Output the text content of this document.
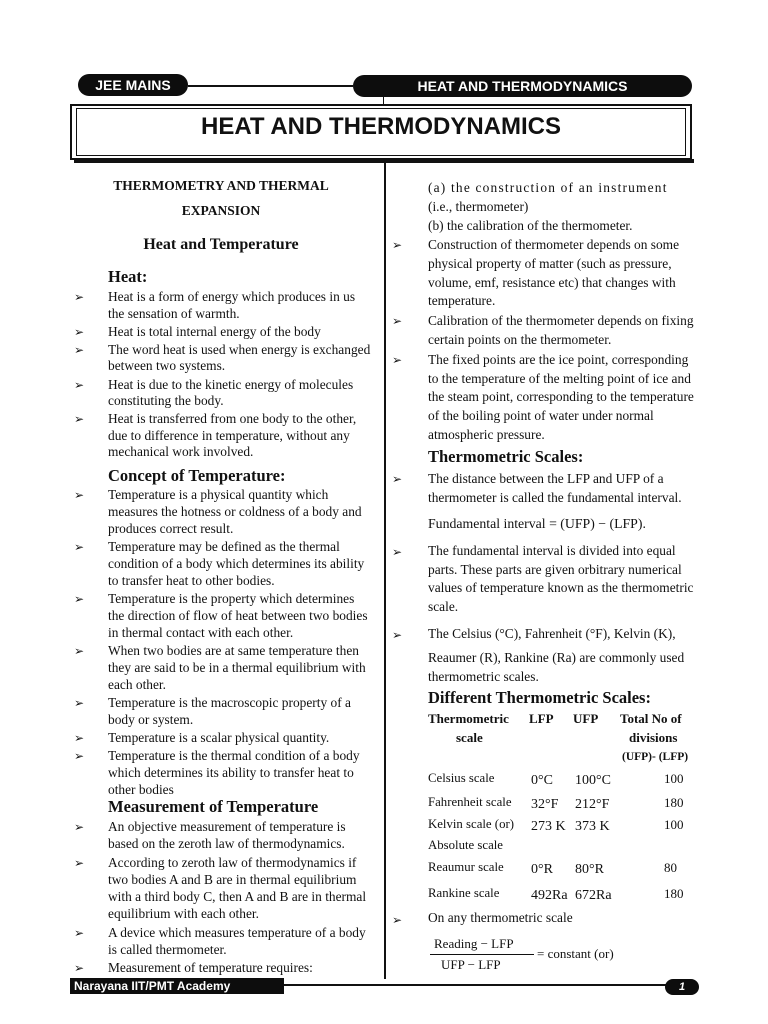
JEE MAINS	HEAT AND THERMODYNAMICS
HEAT AND THERMODYNAMICS
THERMOMETRY AND THERMAL
EXPANSION
Heat and Temperature
Heat:
➢ Heat is a form of energy which produces in us
the sensation of warmth.
➢ Heat is total internal energy of the body
➢ The word heat is used when energy is exchanged
between two systems.
➢ Heat is due to the kinetic energy of molecules
constituting the body.
➢ Heat is transferred from one body to the other,
due to difference in temperature, without any
mechanical work involved.
Concept of Temperature:
➢ Temperature is a physical quantity which
measures the hotness or coldness of a body and
produces correct result.
➢ Temperature may be defined as the thermal
condition of a body which determines its ability
to transfer heat to other bodies.
➢ Temperature is the property which determines
the direction of flow of heat between two bodies
in thermal contact with each other.
➢ When two bodies are at same temperature then
they are said to be in a thermal equilibrium with
each other.
➢ Temperature is the macroscopic property of a
body or system.
➢ Temperature is a scalar physical quantity.
➢ Temperature is the thermal condition of a body
which determines its ability to transfer heat to
other bodies
Measurement of Temperature
➢ An objective measurement of temperature is
based on the zeroth law of thermodynamics.
➢ According to zeroth law of thermodynamics if
two bodies A and B are in thermal equilibrium
with a third body C, then A and B are in thermal
equilibrium with each other.
➢ A device which measures temperature of a body
is called thermometer.
➢ Measurement of temperature requires:
(a) the construction of an instrument
(i.e., thermometer)
(b) the calibration of the thermometer.
➢ Construction of thermometer depends on some
physical property of matter (such as pressure,
volume, emf, resistance etc) that changes with
temperature.
➢ Calibration of the thermometer depends on fixing
certain points on the thermometer.
➢ The fixed points are the ice point, corresponding
to the temperature of the melting point of ice and
the steam point, corresponding to the temperature
of the boiling point of water under normal
atmospheric pressure.
Thermometric Scales:
➢ The distance between the LFP and UFP of a
thermometer is called the fundamental interval.
Fundamental interval = (UFP) − (LFP).
➢ The fundamental interval is divided into equal
parts. These parts are given orbitrary numerical
values of temperature known as the thermometric
scale.
➢ The Celsius (°C), Fahrenheit (°F), Kelvin (K),
Reaumer (R), Rankine (Ra) are commonly used
thermometric scales.
Different Thermometric Scales:
Thermometric
scale
LFP UFP Total No of
divisions
(UFP)- (LFP)
Celsius scale	0°C 100°C	100
Fahrenheit scale 32°F 212°F	180
Kelvin scale (or) 273 K 373 K	100
Absolute scale
Reaumur scale 0°R 80°R	80
Rankine scale 492Ra 672Ra	180
➢ On any thermometric scale
Reading − LFP
UFP − LFP
= constant (or)
Narayana IIT/PMT Academy	1
